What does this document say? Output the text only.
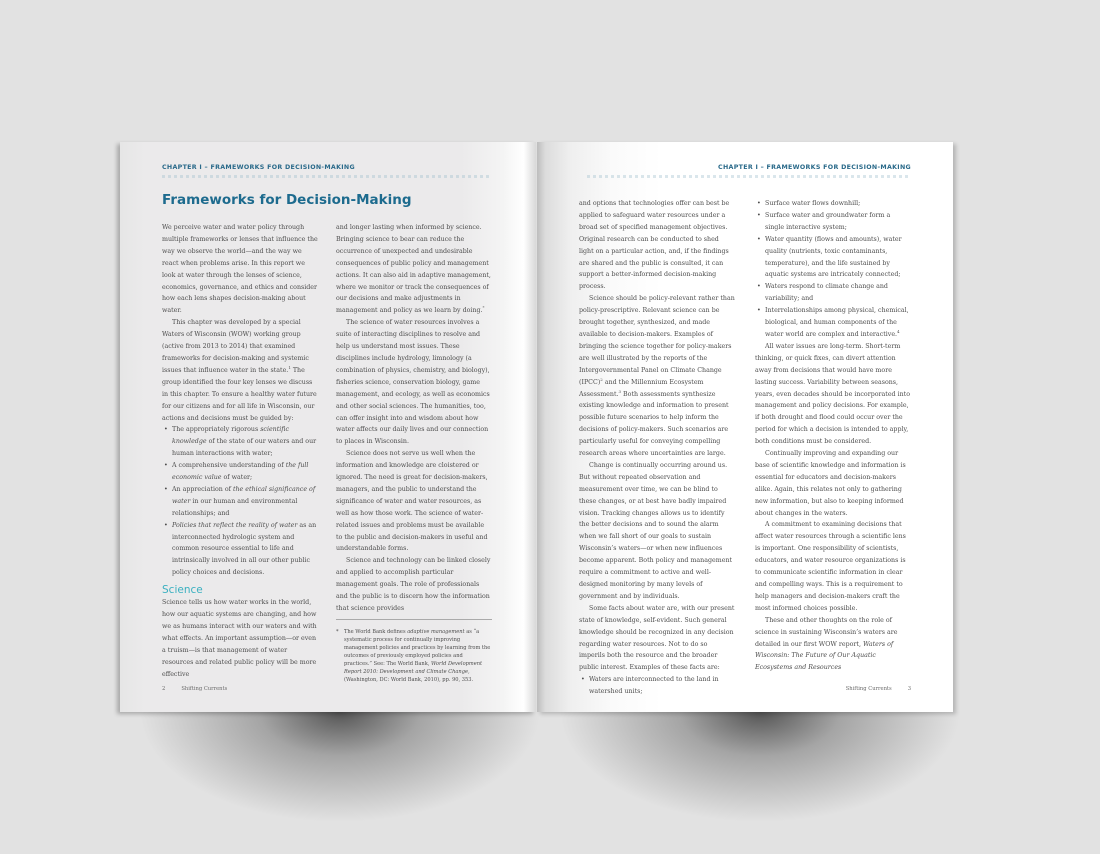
CHAPTER I – FRAMEWORKS FOR DECISION-MAKING
Frameworks for Decision-Making

We perceive water and water policy through multiple frameworks or lenses that influence the way we observe the world—and the way we react when problems arise. In this report we look at water through the lenses of science, economics, governance, and ethics and consider how each lens shapes decision-making about water.

This chapter was developed by a special Waters of Wisconsin (WOW) working group (active from 2013 to 2014) that examined frameworks for decision-making and systemic issues that influence water in the state.$^1$ The group identified the four key lenses we discuss in this chapter. To ensure a healthy water future for our citizens and for all life in Wisconsin, our actions and decisions must be guided by:

• The appropriately rigorous scientific knowledge of the state of our waters and our human interactions with water;
• A comprehensive understanding of the full economic value of water;
• An appreciation of the ethical significance of water in our human and environmental relationships; and
• Policies that reflect the reality of water as an interconnected hydrologic system and common resource essential to life and intrinsically involved in all our other public policy choices and decisions.
Science

Science tells us how water works in the world, how our aquatic systems are changing, and how we as humans interact with our waters and with what effects. An important assumption—or even a truism—is that management of water resources and related public policy will be more effective

and longer lasting when informed by science. Bringing science to bear can reduce the occurrence of unexpected and undesirable consequences of public policy and management actions. It can also aid in adaptive management, where we monitor or track the consequences of our decisions and make adjustments in management and policy as we learn by doing.*

The science of water resources involves a suite of interacting disciplines to resolve and help us understand most issues. These disciplines include hydrology, limnology (a combination of physics, chemistry, and biology), fisheries science, conservation biology, game management, and ecology, as well as economics and other social sciences. The humanities, too, can offer insight into and wisdom about how water affects our daily lives and our connection to places in Wisconsin.

Science does not serve us well when the information and knowledge are cloistered or ignored. The need is great for decision-makers, managers, and the public to understand the significance of water and water resources, as well as how those work. The science of water-related issues and problems must be available to the public and decision-makers in useful and understandable forms.

Science and technology can be linked closely and applied to accomplish particular management goals. The role of professionals and the public is to discern how the information that science provides

* The World Bank defines adaptive management as “a systematic process for continually improving management policies and practices by learning from the outcomes of previously employed policies and practices.” See: The World Bank, World Development Report 2010: Development and Climate Change, (Washington, DC: World Bank, 2010), pp. 90, 353.
2	Shifting Currents
CHAPTER I – FRAMEWORKS FOR DECISION-MAKING

and options that technologies offer can best be applied to safeguard water resources under a broad set of specified management objectives. Original research can be conducted to shed light on a particular action, and, if the findings are shared and the public is consulted, it can support a better-informed decision-making process.

Science should be policy-relevant rather than policy-prescriptive. Relevant science can be brought together, synthesized, and made available to decision-makers. Examples of bringing the science together for policy-makers are well illustrated by the reports of the Intergovernmental Panel on Climate Change (IPCC)$^2$ and the Millennium Ecosystem Assessment.$^3$ Both assessments synthesize existing knowledge and information to present possible future scenarios to help inform the decisions of policy-makers. Such scenarios are particularly useful for conveying compelling research areas where uncertainties are large.

Change is continually occurring around us. But without repeated observation and measurement over time, we can be blind to these changes, or at best have badly impaired vision. Tracking changes allows us to identify the better decisions and to sound the alarm when we fall short of our goals to sustain Wisconsin’s waters—or when new influences become apparent. Both policy and management require a commitment to active and well-designed monitoring by many levels of government and by individuals.

Some facts about water are, with our present state of knowledge, self-evident. Such general knowledge should be recognized in any decision regarding water resources. Not to do so imperils both the resource and the broader public interest. Examples of these facts are:

• Waters are interconnected to the land in watershed units;
• Surface water flows downhill;
• Surface water and groundwater form a single interactive system;
• Water quantity (flows and amounts), water quality (nutrients, toxic contaminants, temperature), and the life sustained by aquatic systems are intricately connected;
• Waters respond to climate change and variability; and
• Interrelationships among physical, chemical, biological, and human components of the water world are complex and interactive.$^4$

All water issues are long-term. Short-term thinking, or quick fixes, can divert attention away from decisions that would have more lasting success. Variability between seasons, years, even decades should be incorporated into management and policy decisions. For example, if both drought and flood could occur over the period for which a decision is intended to apply, both conditions must be considered.

Continually improving and expanding our base of scientific knowledge and information is essential for educators and decision-makers alike. Again, this relates not only to gathering new information, but also to keeping informed about changes in the waters.

A commitment to examining decisions that affect water resources through a scientific lens is important. One responsibility of scientists, educators, and water resource organizations is to communicate scientific information in clear and compelling ways. This is a requirement to help managers and decision-makers craft the most informed choices possible.

These and other thoughts on the role of science in sustaining Wisconsin’s waters are detailed in our first WOW report, Waters of Wisconsin: The Future of Our Aquatic Ecosystems and Resources

Shifting Currents	3
